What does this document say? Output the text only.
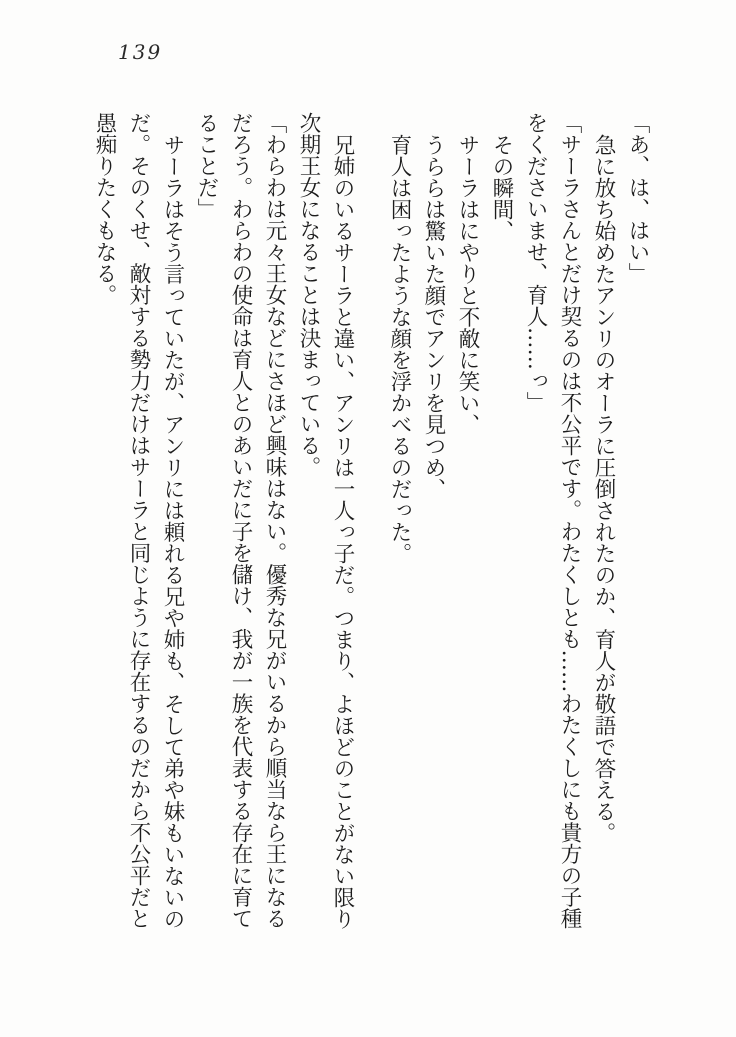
139

「あ、は、はい」

急に放ち始めたアンリのオーラに圧倒されたのか、育人が敬語で答える。

「サーラさんとだけ契るのは不公平です。わたくしとも……わたくしにも貴方の子種をくださいませ、育人……っ」

その瞬間、

サーラはにやりと不敵に笑い、

うららは驚いた顔でアンリを見つめ、

育人は困ったような顔を浮かべるのだった。

兄姉のいるサーラと違い、アンリは一人っ子だ。つまり、よほどのことがない限り次期王女になることは決まっている。

「わらわは元々王女などにさほど興味はない。優秀な兄がいるから順当なら王になるだろう。わらわの使命は育人とのあいだに子を儲け、我が一族を代表する存在に育てることだ」

サーラはそう言っていたが、アンリには頼れる兄や姉も、そして弟や妹もいないのだ。そのくせ、敵対する勢力だけはサーラと同じように存在するのだから不公平だと愚痴りたくもなる。
